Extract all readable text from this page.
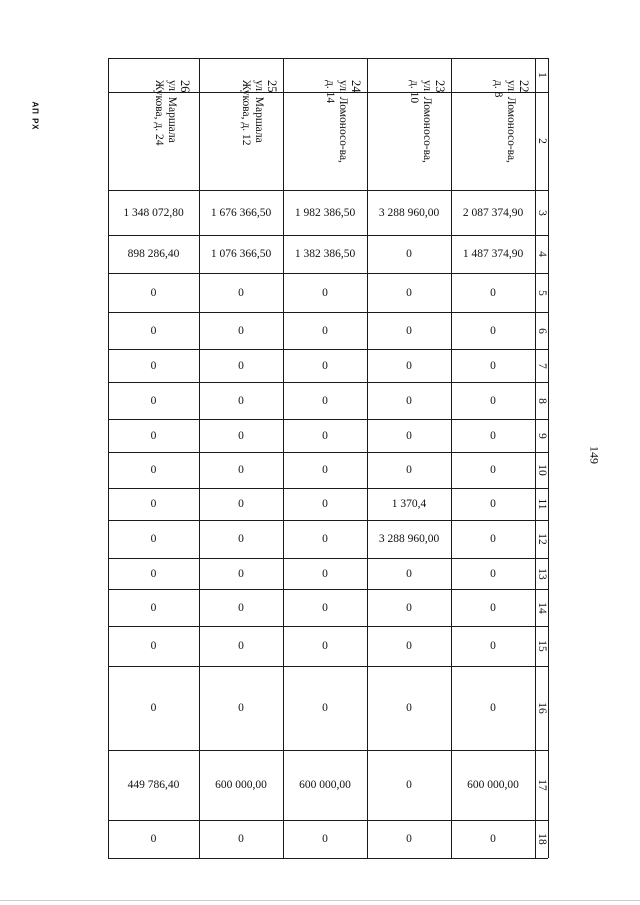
АП РХ
149
1
2
3
4
5
6
7
8
9
10
11
12
13
14
15
16
17
18
22
ул. Ломоносо-ва, д. 8
2 087 374,90
1 487 374,90
0
0
0
0
0
0
0
0
0
0
0
0
600 000,00
0
23
ул. Ломоносо-ва, д. 10
3 288 960,00
0
0
0
0
0
0
0
1 370,4
3 288 960,00
0
0
0
0
0
0
24
ул. Ломоносо-ва, д. 14
1 982 386,50
1 382 386,50
0
0
0
0
0
0
0
0
0
0
0
0
600 000,00
0
25
ул. Маршала Жукова, д. 12
1 676 366,50
1 076 366,50
0
0
0
0
0
0
0
0
0
0
0
0
600 000,00
0
26
ул. Маршала Жукова, д. 24
1 348 072,80
898 286,40
0
0
0
0
0
0
0
0
0
0
0
0
449 786,40
0
